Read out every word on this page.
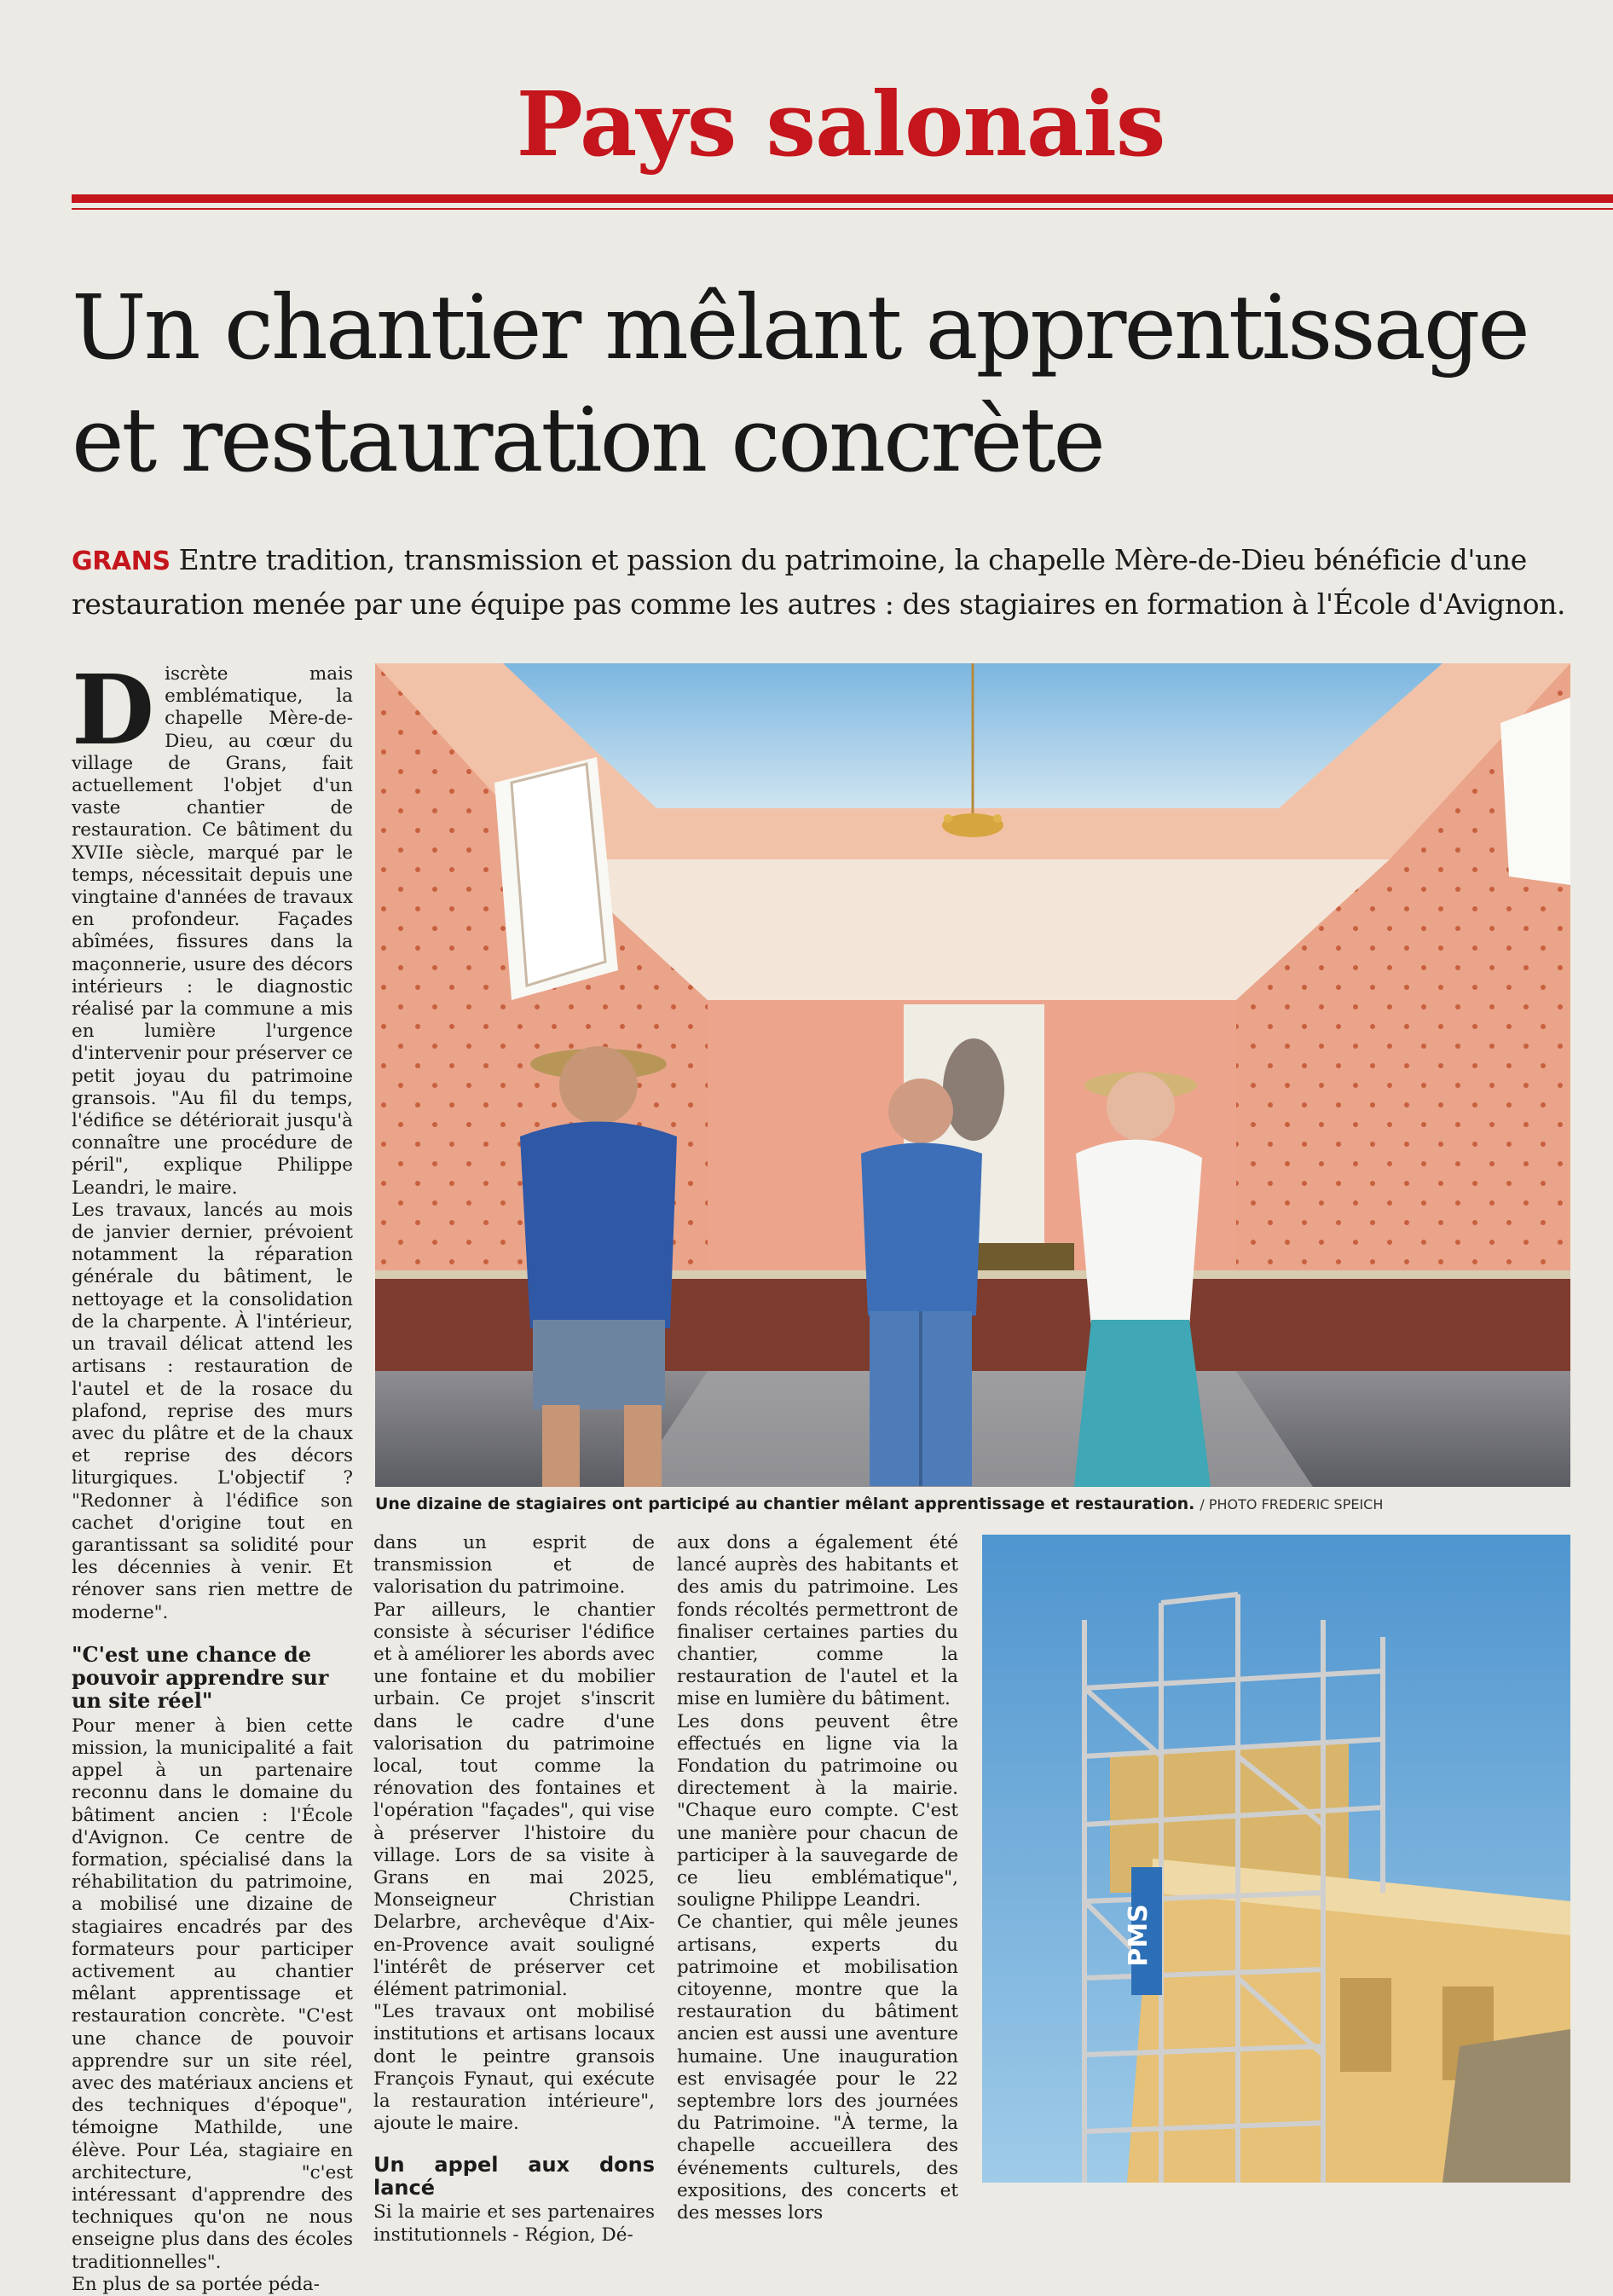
Pays salonais
Un chantier mêlant apprentissage
et restauration concrète
GRANS Entre tradition, transmission et passion du patrimoine, la chapelle Mère-de-Dieu bénéficie d'une restauration menée par une équipe pas comme les autres : des stagiaires en formation à l'École d'Avignon.
D iscrète mais emblématique, la chapelle Mère-de-Dieu, au cœur du village de Grans, fait actuellement l'objet d'un vaste chantier de restauration. Ce bâtiment du XVIIe siècle, marqué par le temps, nécessitait depuis une vingtaine d'années de travaux en profondeur. Façades abîmées, fissures dans la maçonnerie, usure des décors intérieurs : le diagnostic réalisé par la commune a mis en lumière l'urgence d'intervenir pour préserver ce petit joyau du patrimoine gransois. "Au fil du temps, l'édifice se détériorait jusqu'à connaître une procédure de péril", explique Philippe Leandri, le maire.

Les travaux, lancés au mois de janvier dernier, prévoient notamment la réparation générale du bâtiment, le nettoyage et la consolidation de la charpente. À l'intérieur, un travail délicat attend les artisans : restauration de l'autel et de la rosace du plafond, reprise des murs avec du plâtre et de la chaux et reprise des décors liturgiques. L'objectif ? "Redonner à l'édifice son cachet d'origine tout en garantissant sa solidité pour les décennies à venir. Et rénover sans rien mettre de moderne".

"C'est une chance de pouvoir apprendre sur un site réel"

Pour mener à bien cette mission, la municipalité a fait appel à un partenaire reconnu dans le domaine du bâtiment ancien : l'École d'Avignon. Ce centre de formation, spécialisé dans la réhabilitation du patrimoine, a mobilisé une dizaine de stagiaires encadrés par des formateurs pour participer activement au chantier mêlant apprentissage et restauration concrète. "C'est une chance de pouvoir apprendre sur un site réel, avec des matériaux anciens et des techniques d'époque", témoigne Mathilde, une élève. Pour Léa, stagiaire en architecture, "c'est intéressant d'apprendre des techniques qu'on ne nous enseigne plus dans des écoles traditionnelles".

En plus de sa portée péda-

Une dizaine de stagiaires ont participé au chantier mêlant apprentissage et restauration. / PHOTO FREDERIC SPEICH

dans un esprit de transmission et de valorisation du patrimoine.

Par ailleurs, le chantier consiste à sécuriser l'édifice et à améliorer les abords avec une fontaine et du mobilier urbain. Ce projet s'inscrit dans le cadre d'une valorisation du patrimoine local, tout comme la rénovation des fontaines et l'opération "façades", qui vise à préserver l'histoire du village. Lors de sa visite à Grans en mai 2025, Monseigneur Christian Delarbre, archevêque d'Aix-en-Provence avait souligné l'intérêt de préserver cet élément patrimonial.

"Les travaux ont mobilisé institutions et artisans locaux dont le peintre gransois François Fynaut, qui exécute la restauration intérieure", ajoute le maire.

Un appel aux dons lancé

Si la mairie et ses partenaires institutionnels - Région, Dé-

aux dons a également été lancé auprès des habitants et des amis du patrimoine. Les fonds récoltés permettront de finaliser certaines parties du chantier, comme la restauration de l'autel et la mise en lumière du bâtiment.

Les dons peuvent être effectués en ligne via la Fondation du patrimoine ou directement à la mairie. "Chaque euro compte. C'est une manière pour chacun de participer à la sauvegarde de ce lieu emblématique", souligne Philippe Leandri.

Ce chantier, qui mêle jeunes artisans, experts du patrimoine et mobilisation citoyenne, montre que la restauration du bâtiment ancien est aussi une aventure humaine. Une inauguration est envisagée pour le 22 septembre lors des journées du Patrimoine. "À terme, la chapelle accueillera des événements culturels, des expositions, des concerts et des messes lors

PMS
